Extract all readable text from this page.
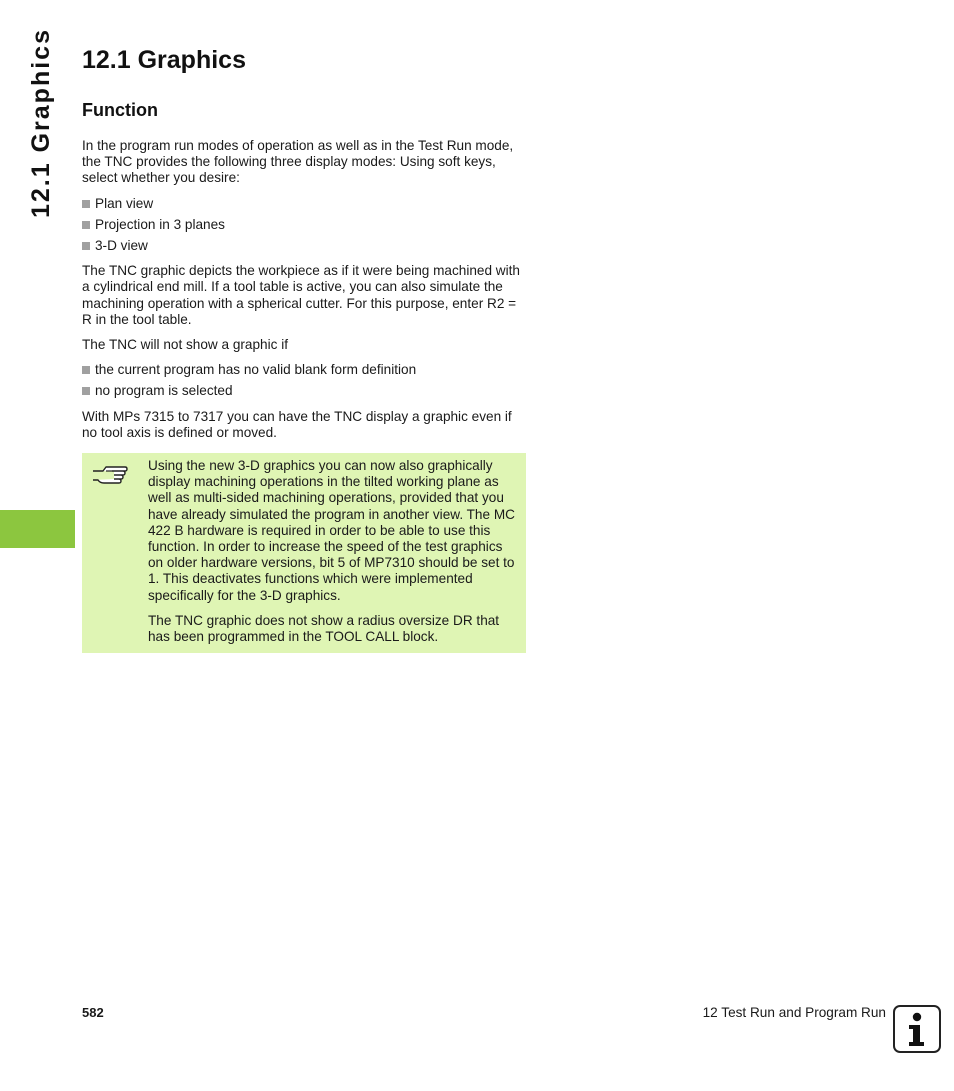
12.1 Graphics 12.1 Graphics
Function

In the program run modes of operation as well as in the Test Run mode, the TNC provides the following three display modes: Using soft keys, select whether you desire:

Plan view
Projection in 3 planes
3-D view

The TNC graphic depicts the workpiece as if it were being machined with a cylindrical end mill. If a tool table is active, you can also simulate the machining operation with a spherical cutter. For this purpose, enter R2 = R in the tool table.

The TNC will not show a graphic if

the current program has no valid blank form definition
no program is selected

With MPs 7315 to 7317 you can have the TNC display a graphic even if no tool axis is defined or moved.

Using the new 3-D graphics you can now also graphically display machining operations in the tilted working plane as well as multi-sided machining operations, provided that you have already simulated the program in another view. The MC 422 B hardware is required in order to be able to use this function. In order to increase the speed of the test graphics on older hardware versions, bit 5 of MP7310 should be set to 1. This deactivates functions which were implemented specifically for the 3-D graphics.

The TNC graphic does not show a radius oversize DR that has been programmed in the TOOL CALL block.

582	12 Test Run and Program Run
